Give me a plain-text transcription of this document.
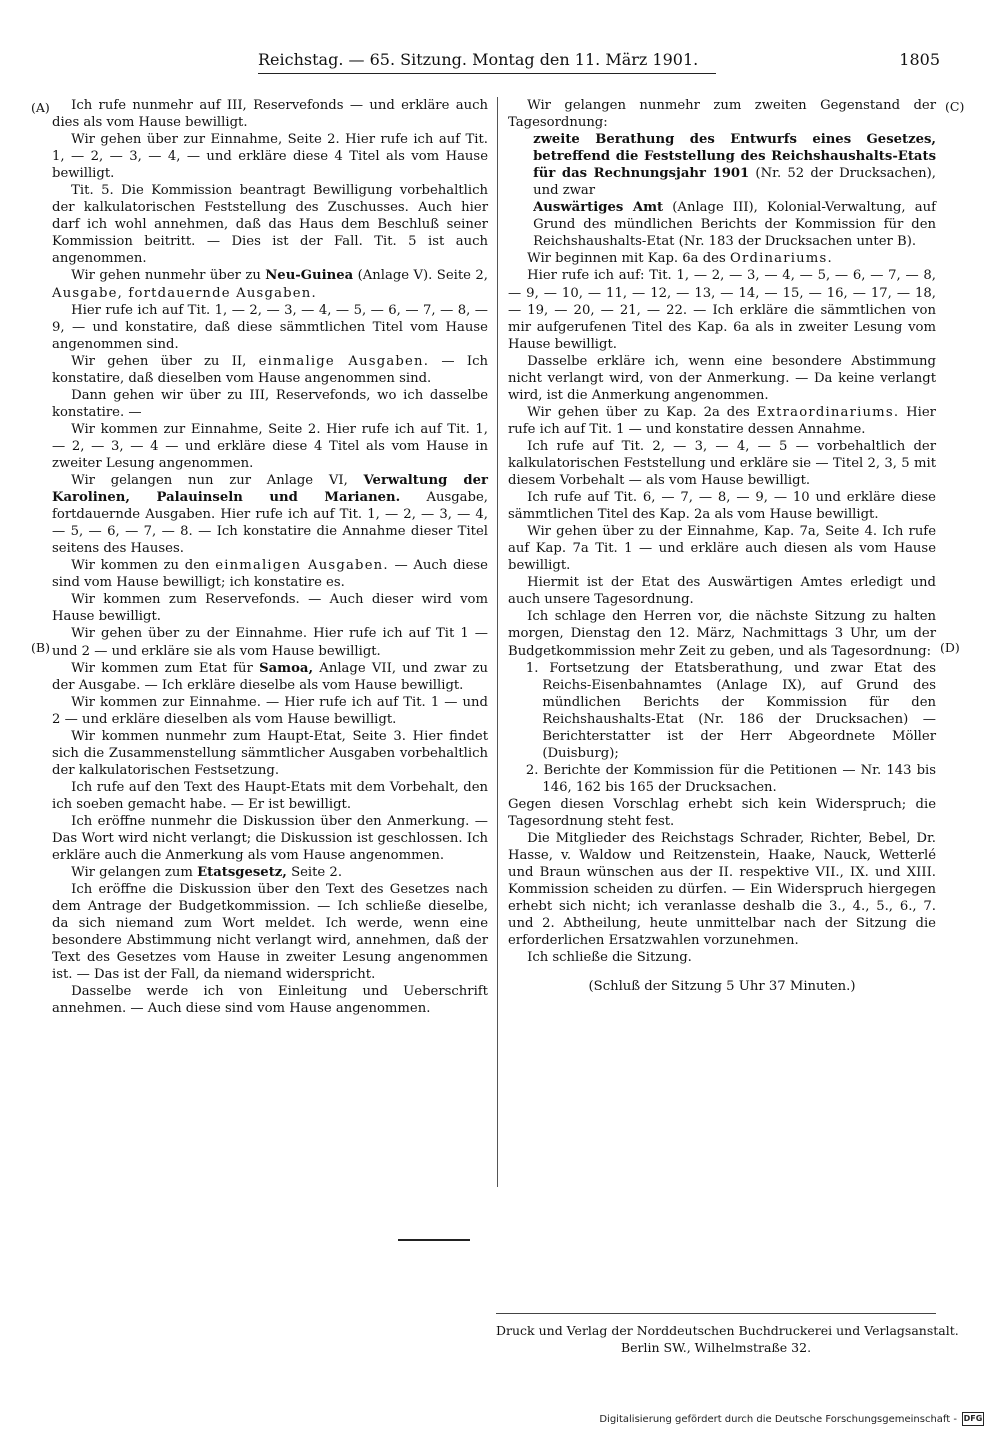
Reichstag. — 65. Sitzung. Montag den 11. März 1901.	1805
(A)
(B)
(C)
(D)

Ich rufe nunmehr auf III, Reservefonds — und erkläre auch dies als vom Hause bewilligt.

Wir gehen über zur Einnahme, Seite 2. Hier rufe ich auf Tit. 1, — 2, — 3, — 4, — und erkläre diese 4 Titel als vom Hause bewilligt.

Tit. 5. Die Kommission beantragt Bewilligung vorbehaltlich der kalkulatorischen Feststellung des Zuschusses. Auch hier darf ich wohl annehmen, daß das Haus dem Beschluß seiner Kommission beitritt. — Dies ist der Fall. Tit. 5 ist auch angenommen.

Wir gehen nunmehr über zu Neu-Guinea (Anlage V). Seite 2, Ausgabe, fortdauernde Ausgaben.

Hier rufe ich auf Tit. 1, — 2, — 3, — 4, — 5, — 6, — 7, — 8, — 9, — und konstatire, daß diese sämmtlichen Titel vom Hause angenommen sind.

Wir gehen über zu II, einmalige Ausgaben. — Ich konstatire, daß dieselben vom Hause angenommen sind.

Dann gehen wir über zu III, Reservefonds, wo ich dasselbe konstatire. —

Wir kommen zur Einnahme, Seite 2. Hier rufe ich auf Tit. 1, — 2, — 3, — 4 — und erkläre diese 4 Titel als vom Hause in zweiter Lesung angenommen.

Wir gelangen nun zur Anlage VI, Verwaltung der Karolinen, Palauinseln und Marianen. Ausgabe, fortdauernde Ausgaben. Hier rufe ich auf Tit. 1, — 2, — 3, — 4, — 5, — 6, — 7, — 8. — Ich konstatire die Annahme dieser Titel seitens des Hauses.

Wir kommen zu den einmaligen Ausgaben. — Auch diese sind vom Hause bewilligt; ich konstatire es.

Wir kommen zum Reservefonds. — Auch dieser wird vom Hause bewilligt.

Wir gehen über zu der Einnahme. Hier rufe ich auf Tit 1 — und 2 — und erkläre sie als vom Hause bewilligt.

Wir kommen zum Etat für Samoa, Anlage VII, und zwar zu der Ausgabe. — Ich erkläre dieselbe als vom Hause bewilligt.

Wir kommen zur Einnahme. — Hier rufe ich auf Tit. 1 — und 2 — und erkläre dieselben als vom Hause bewilligt.

Wir kommen nunmehr zum Haupt-Etat, Seite 3. Hier findet sich die Zusammenstellung sämmtlicher Ausgaben vorbehaltlich der kalkulatorischen Festsetzung.

Ich rufe auf den Text des Haupt-Etats mit dem Vorbehalt, den ich soeben gemacht habe. — Er ist bewilligt.

Ich eröffne nunmehr die Diskussion über den Anmerkung. — Das Wort wird nicht verlangt; die Diskussion ist geschlossen. Ich erkläre auch die Anmerkung als vom Hause angenommen.

Wir gelangen zum Etatsgesetz, Seite 2.

Ich eröffne die Diskussion über den Text des Gesetzes nach dem Antrage der Budgetkommission. — Ich schließe dieselbe, da sich niemand zum Wort meldet. Ich werde, wenn eine besondere Abstimmung nicht verlangt wird, annehmen, daß der Text des Gesetzes vom Hause in zweiter Lesung angenommen ist. — Das ist der Fall, da niemand widerspricht.

Dasselbe werde ich von Einleitung und Ueberschrift annehmen. — Auch diese sind vom Hause angenommen.

Wir gelangen nunmehr zum zweiten Gegenstand der Tagesordnung:

zweite Berathung des Entwurfs eines Gesetzes, betreffend die Feststellung des Reichshaushalts-Etats für das Rechnungsjahr 1901 (Nr. 52 der Drucksachen), und zwar

Auswärtiges Amt (Anlage III), Kolonial-Verwaltung, auf Grund des mündlichen Berichts der Kommission für den Reichshaushalts-Etat (Nr. 183 der Drucksachen unter B).

Wir beginnen mit Kap. 6a des Ordinariums.

Hier rufe ich auf: Tit. 1, — 2, — 3, — 4, — 5, — 6, — 7, — 8, — 9, — 10, — 11, — 12, — 13, — 14, — 15, — 16, — 17, — 18, — 19, — 20, — 21, — 22. — Ich erkläre die sämmtlichen von mir aufgerufenen Titel des Kap. 6a als in zweiter Lesung vom Hause bewilligt.

Dasselbe erkläre ich, wenn eine besondere Abstimmung nicht verlangt wird, von der Anmerkung. — Da keine verlangt wird, ist die Anmerkung angenommen.

Wir gehen über zu Kap. 2a des Extraordinariums. Hier rufe ich auf Tit. 1 — und konstatire dessen Annahme.

Ich rufe auf Tit. 2, — 3, — 4, — 5 — vorbehaltlich der kalkulatorischen Feststellung und erkläre sie — Titel 2, 3, 5 mit diesem Vorbehalt — als vom Hause bewilligt.

Ich rufe auf Tit. 6, — 7, — 8, — 9, — 10 und erkläre diese sämmtlichen Titel des Kap. 2a als vom Hause bewilligt.

Wir gehen über zu der Einnahme, Kap. 7a, Seite 4. Ich rufe auf Kap. 7a Tit. 1 — und erkläre auch diesen als vom Hause bewilligt.

Hiermit ist der Etat des Auswärtigen Amtes erledigt und auch unsere Tagesordnung.

Ich schlage den Herren vor, die nächste Sitzung zu halten morgen, Dienstag den 12. März, Nachmittags 3 Uhr, um der Budgetkommission mehr Zeit zu geben, und als Tagesordnung:

1. Fortsetzung der Etatsberathung, und zwar Etat des Reichs-Eisenbahnamtes (Anlage IX), auf Grund des mündlichen Berichts der Kommission für den Reichshaushalts-Etat (Nr. 186 der Drucksachen) — Berichterstatter ist der Herr Abgeordnete Möller (Duisburg);

2. Berichte der Kommission für die Petitionen — Nr. 143 bis 146, 162 bis 165 der Drucksachen.

Gegen diesen Vorschlag erhebt sich kein Widerspruch; die Tagesordnung steht fest.

Die Mitglieder des Reichstags Schrader, Richter, Bebel, Dr. Hasse, v. Waldow und Reitzenstein, Haake, Nauck, Wetterlé und Braun wünschen aus der II. respektive VII., IX. und XIII. Kommission scheiden zu dürfen. — Ein Widerspruch hiergegen erhebt sich nicht; ich veranlasse deshalb die 3., 4., 5., 6., 7. und 2. Abtheilung, heute unmittelbar nach der Sitzung die erforderlichen Ersatzwahlen vorzunehmen.

Ich schließe die Sitzung.

(Schluß der Sitzung 5 Uhr 37 Minuten.)

Druck und Verlag der Norddeutschen Buchdruckerei und Verlagsanstalt.
Berlin SW., Wilhelmstraße 32.
Digitalisierung gefördert durch die Deutsche Forschungsgemeinschaft - DFG
